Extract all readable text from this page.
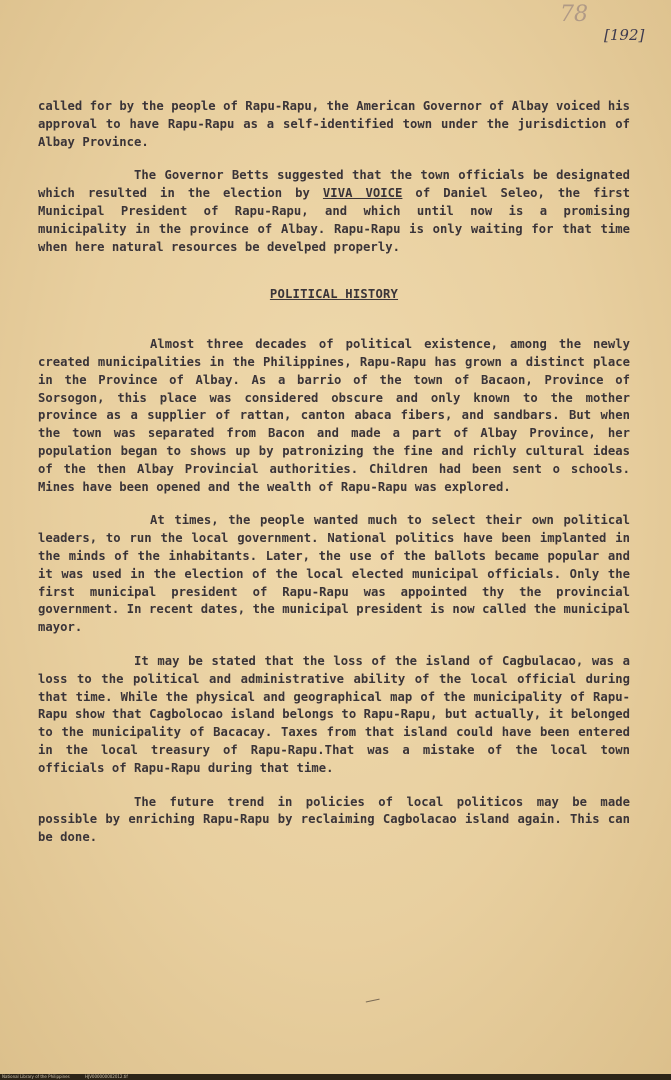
78
[192]

called for by the people of Rapu-Rapu, the American Governor of Albay voiced his approval to have Rapu-Rapu as a self-identified town under the jurisdiction of Albay Province.

The Governor Betts suggested that the town officials be designated which resulted in the election by VIVA VOICE of Daniel Seleo, the first Municipal President of Rapu-Rapu, and which until now is a promising municipality in the province of Albay. Rapu-Rapu is only waiting for that time when here natural resources be develped properly.

POLITICAL HISTORY

Almost three decades of political existence, among the newly created municipalities in the Philippines, Rapu-Rapu has grown a distinct place in the Province of Albay. As a barrio of the town of Bacaon, Province of Sorsogon, this place was considered obscure and only known to the mother province as a supplier of rattan, canton abaca fibers, and sandbars. But when the town was separated from Bacon and made a part of Albay Province, her population began to shows up by patronizing the fine and richly cultural ideas of the then Albay Provincial authorities. Children had been sent o schools. Mines have been opened and the wealth of Rapu-Rapu was explored.

At times, the people wanted much to select their own political leaders, to run the local government. National politics have been implanted in the minds of the inhabitants. Later, the use of the ballots became popular and it was used in the election of the local elected municipal officials. Only the first municipal president of Rapu-Rapu was appointed thy the provincial government. In recent dates, the municipal president is now called the municipal mayor.

It may be stated that the loss of the island of Cagbulacao, was a loss to the political and administrative ability of the local official during that time. While the physical and geographical map of the municipality of Rapu-Rapu show that Cagbolocao island belongs to Rapu-Rapu, but actually, it belonged to the municipality of Bacacay. Taxes from that island could have been entered in the local treasury of Rapu-Rapu.That was a mistake of the local town officials of Rapu-Rapu during that time.

The future trend in policies of local politicos may be made possible by enriching Rapu-Rapu by reclaiming Cagbolacao island again. This can be done.

National Library of the Philippines	HJV000000002012.tif
